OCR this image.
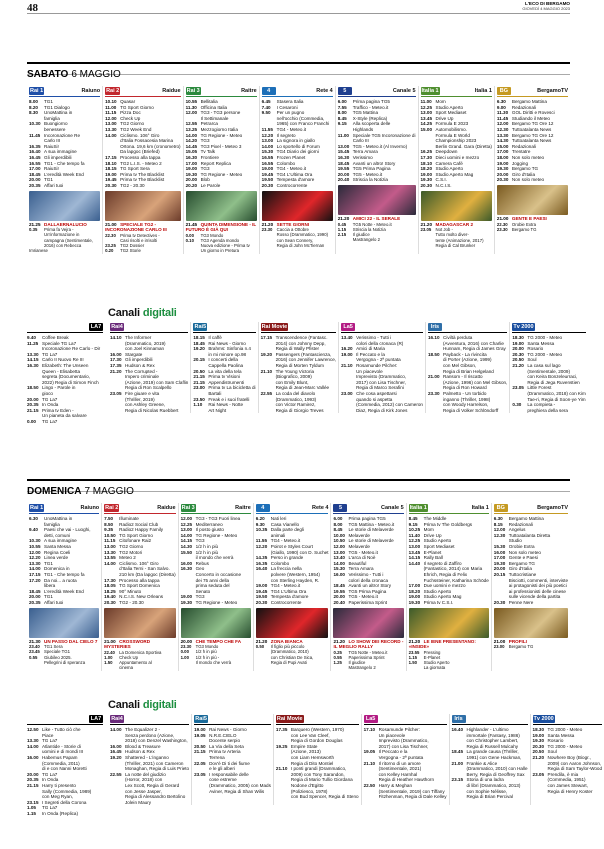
48	L'ECO DI BERGAMO
GIOVEDÌ 4 MAGGIO 2023
SABATO 6 MAGGIO
Rai 1	Raiuno
8.00	TG1
8.20	TG1 Dialogo
8.30	UnoMattina in
famiglia
10.30 Buongiorno
benessere
11.45 Incoronazione Re
Carlo III
16.35 RaiuSi!
16.40 A sua immagine
16.45 Gli imperdibili
16.55 TG1 - Che tempo fa
17.00 RaiuSi!
18.45 L'eredità Week End
20.00 TG1
20.35 Affari tuoi
21.25 DALLAERNALUCIO
0.35 Prima fa Vejra -
Un'informazione in
campagna (Sentimentale,
2016) con Rebecca Imrianese
Rai 2	Raidue
10.10 Quasar
11.00 TG Sport Giorno
11.15 Pizza Doc
12.00 Check Up
13.00 TG2 Giorno
13.30 TG2 Week End
14.00 Ciclismo. 106° Giro
d'Italia Fossacesia Marina
Ortona. 19,6 km (cronometro)
Da lapgoc (Briefed)
17.15 Processo alla tappa
18.10 TG2 L.I.S. - Meteo 2
18.15 TG Sport Sera
19.00 Prima tv The Blacklist
19.45 Prima tv The Blacklist
20.30 TG2 - 20.30
21.00 SPECIALE TG2 - INCORONAZIONE CARLO III
22.30 Prima tv Detectives -
Casi risolti e irrisolti
23.25 TG2 Dossier
0.20 TG2 Storie
Rai 3	Raitre
10.55 Bellitalia
11.30 Officina Italia
12.00 TG3 - TG3 persone
Il Settimanale
12.55 Petrarca
13.25 Mezzogiorno Italia
14.00 TG Regione - Meteo
14.20 TG3
14.45 TG3 Pixel - Meteo 3
15.05 Tv Talk
16.30 Frontiere
17.00 Report Replica
19.00 TG3
19.30 TG Regione - Meteo
20.00 Blob
20.20 Le Parole
21.45 QUINTA DIMENSIONE - IL FUTURO È GIÀ QUI
0.00 TG3 Mondo
0.10 TG3 Agenda mondo
Nuova edizione - Prima tv
Un giorno in Pretura
4	Rete 4
6.45	Stasera Italia
7.40	I Cesaroni
9.50	Per un pugno
nell'occhio (Commedia,
1965) con Franco Franchi
11.55 TG4 - Meteo.it
12.20 Il segreto
13.00 La signora in giallo
14.00 Lo sportello di Forum
15.30 TG4 Diario dei giorni
16.55 Frozen Planet
16.55 Colombo
19.00 TG4 - Meteo.it
19.45 TG4 L'Ultima Ora
19.50 Tempesta d'amore
20.30 Controcorrente
21.20 SETTE GIORNI
23.30 Caccia a Ottobre
Rosso (Drammatico, 1990)
con Sean Connery,
Regia di John McTiernan
5	Canale 5
6.00	Prima pagina TG5
7.55	Traffico - Meteo.it
8.00	TG5 Mattina
8.45	X-Style (Replica)
9.15	Alla scoperta delle
Highlands
11.00 Speciale TG5 Incoronazione di
Carlo III
13.00 TG5 - Meteo.it (Al Inverno)
15.45 Terra Amara
16.30 Verissimo
18.45 Avanti un altro! Story
19.55 TG5 Prima Pagina
20.00 TG5 - Meteo.it
20.40 Striscia la Notizia
21.20 AMICI 22 - IL SERALE
0.45 TG5 Notte - Meteo.it
1.15 Striscia la Notizia
2.15 Il giudice
Mastrangelo 2
Italia 1	Italia 1
11.00 Mom
12.25 Studio Aperto
13.00 Sport Mediaset
13.45 Drive Up
14.25 Formula E 2023
15.00 Automobilismo.
Formula E World
Championship 2023
Berlin Grand. Gara (Diretta)
16.25 Deepdown
17.30 Dieci uomini e mezzo
18.10 Camera Café
18.20 Studio Aperto
19.00 Studio Aperto Mag
19.30 C.S.I.
20.30 N.C.I.S.
21.20 MADAGASCAR 2
23.05 Not Job -
Tutto molto diver-
tente (Animazione, 2017)
Regia di Cal Brunker
BG	BergamoTV
6.30	Bergamo Mattina
9.00	Redazionali
11.30 GOL Diritti e Rovesci
11.45 Studiando il Meteo
12.00 Bergamo TG Ore 12
12.30 Tuttoatalanta News
13.30 Bergamo TG Ore 12
14.30 Tuttoatalanta News
15.00 Redazionali
17.00 Trentatre
18.00 Non solo meteo
19.00 Jogging
19.30 Bergamo TG
20.00 Giro d'Italia
20.30 Non solo meteo
21.00 GENTE E PAESI
22.30 Orobie Extra
23.30 Bergamo TG
LA7
9.40	Coffee Break
11.25 Speciale TG La7
Incoronazione Re Carlo - Dir
13.30 TG La7
14.15 Carlo II Nuovo Re III
16.30 Elizabeth: The Unseen
Queen - Elisabetta
segreta (Documentario,
2022) Regia di Simon Finch
18.50 Lingo - Parole in
gioco
20.00 TG La7
20.35 In Onda
21.15 Prima tv Eden -
Un pianeta da salvare
0.00	TG La7
Canali digitali
Rai4
14.10 The Informer
(Drammatico, 2019)
con Joel Kinnaman
16.00 Stargate
17.30 Gli imperdibili
17.35 Hudson & Rex
21.20 The Corrupted -
Impero criminale
(Azione, 2019) con Sam Claflin
Regia di Ron Scalpello
23.05 Fire giuare e vita
(Thriller, 2019)
con Ashley Greene,
Regia di Nicolas Ruebbert
Rai5
18.15 Il caffè
18.45 Rai News - Giorno
19.20 Brahms: Sinfonia n.4
in mi minore op.98
20.15 I concerti della
Cappella Paolina
20.50 La vita della tela
21.15 Prima tv Visioni
21.15 Appendistrumenti
23.00 Prima tv La bicicletta di
Bartali
23.50 Freak e i suoi fratelli
1.10	Rai News - Notte
Art Night
Rai Movie
17.15 Transcendence (Fantasc.
2014) con Johnny Depp,
Regia di Wally Pfister
19.20 Passengers (Fantascienza,
2016) con Jennifer Lawrence,
Regia di Morten Tyldum
21.10 The Young Victoria
(Biografico, 2009)
con Emily Blunt,
Regia di Jean-Marc Vallée
22.55 La coda del diavolo
(Drammatico, 1993)
con Victor Ramirez,
Regia di Giorgio Treves
La5
13.40 Verissimo - Tutti i
colori della cronaca (R)
16.20 Amici di Maria
19.00 Il Peccato e la
Vergogna - 2ª puntata
21.10 Rosamunde Pilcher:
Un piacevole
Imprevisto (Drammatico,
2017) con Lisa Tischner,
Regia di Marco Serafini
23.00 Che cosa aspettarsi
quando si aspetta
(Commedia, 2012) con Cameron
Diaz, Regia di Kirk Jones
Iris
16.10 Civiltà perduta
(Avventura, 2016) con Charlie
Hunnam, Regia di James Gray
18.50 Payback - La rivincita
di Porter (Azione, 1999)
con Mel Gibson,
Regia di Brian Helgeland
21.00 Ransom - Il riscatto
(Azione, 1996) con Mel Gibson,
Regia di Ron Howard
23.30 Palmetto - Un torbido
inganno (Thriller, 1998)
con Woody Harrelson,
Regia di Volker Schlöndorff
Tv 2000
18.30 TG 2000 - Meteo
19.00 Santa Messa
20.00 Rosario
20.30 TG 2000 - Meteo
20.50 Soul
21.20 La casa sul lago
(Sentimentale, 2009)
con Keira Bonzeleurraci,
Regia di Jega Ruvenstien
23.05 Little Forest
(Drammatico, 2018) con Kim
Tae-ri, Regia di Soon-ye Yim
0.30	La compieta -
preghiera della sera
DOMENICA 7 MAGGIO
Rai 1	Raiuno
6.30	UnoMattina in
famiglia
9.40	Paesi che vai - Luoghi,
detti, comuni
10.30 A sua immagine
10.55 Santa Messa
12.00 Regina Coeli
12.20 Linea verde
13.30 TG1
14.00 Domenica in
17.15 TG1 - Che tempo fa
17.20 Da noi... a ruota
libera
18.45 L'eredità Week End
20.00 TG1
20.35 Affari tuoi
21.30 UN PASSO DAL CIELO 7
23.40 TG1 Sera
23.45 Speciale TG1
0.55 Giubileo 2025.
Pellegrini di speranza
Rai 2	Raidue
7.50	Illuminate
8.50	Radio2 Social Club
9.35	Radio2 Happy Family
10.50 TG Sport Giorno
11.15 Citofonare Rai2
13.00 TG2 Giorno
13.30 TG2 Motori
13.55 Meteo 2
14.00 Ciclismo. 106° Giro
d'Italia Terni - San Salvo.
210 km (Da lapgoc (Diretta)
17.30 Processo alla tappa
18.05 TG Sport Domenica
18.25 90° Minuto
19.40 N.C.I.S. New Orleans
20.30 TG2 - 20.30
21.00 CROSSWORD MYSTERIES
22.40 La Domenica Sportiva
1.00 Check Up
1.50 Appuntamento al
cinema
Rai 3	Raitre
12.00 TG3 - TG3 Fuori linea
12.25 Mediterraneo
13.00 Il posto giusto
14.00 TG Regione - Meteo
14.15 TG3
14.30 1/2 h in più
15.50 1/2 h in più
il mondo che verrà
16.00 Rebus
16.30 Geo
Concerto in occasione
dei 75 anni della
prima seduta del
Senato
19.00 TG3
19.30 TG Regione - Meteo
20.00 CHE TEMPO CHE FA
23.30 TG3 Mondo
0.00 1/2 h in più
1.00 1/2 h in più -
Il mondo che verrà
4	Rete 4
6.20	Nati leri
9.30	Casa Vianello
10.35 Dalla parte degli
animali
11.55 TG4 - Meteo.it
12.20 Poirot e Styles Court
(Giallo, 1990) con D. Suchet
14.35 Perso in grande
16.35 Colombo
16.40 La freccia nella
polvere (Western, 1954)
con Sterling Hayden, R.
19.00 TG4 - Meteo.it
19.45 TG4 L'Ultima Ora
19.50 Tempesta d'amore
20.30 Controcorrente
21.20 ZONA BIANCA
0.50 Il figlio più piccolo
(Drammatico, 2010)
con Christian De Sica,
Regia di Pupi Avati
5	Canale 5
6.00	Prima pagina TG5
8.00	TG5 Mattina - Meteo.it
8.45	Le storie di Melaverde
10.00 Melaverde
10.50 Le storie di Melaverde
12.00 Melaverde
13.00 TG5 - Meteo.it
13.40 L'arca di Noè
14.00 Beautiful
15.30 Terra Amara
16.00 Verissimo - Tutti i
colori della cronaca
18.45 Avanti un altro! Story
19.55 TG5 Prima Pagina
20.00 TG5 - Meteo.it
20.40 Paperissima Sprint
21.20 LO SHOW DEI RECORD - IL MEGLIO RALLY
0.25 TG5 Notte - Meteo.it
0.55 Paperissima Sprint
1.25 Il giudice
Mastrangelo 2
Italia 1	Italia 1
8.45	The Middle
9.15	Prima tv The Goldbergs
10.25 Mom
11.40 Drive Up
12.25 Studio Aperto
13.00 Sport Mediaset
13.45 E-Planet
14.15 Rally Ball
14.40 Il segreto di Zaffiro
(Fantastico, 2014) con Maria
Ehrich, Regia di Felix
Fuchssteiner, Katharina Schöde
17.00 Due uomini e mezzo
18.20 Studio Aperto
19.00 Studio Aperto Mag
19.30 Prima tv C.S.I.
21.20 LE IENE PRESENTANO: «INSIDE»
23.55 Pressing
1.15 E-Planet
1.50 Studio Aperto
La giornata
BG	BergamoTV
6.30	Bergamo Mattina
8.15	Redazionali
12.00 Angelus
12.30 Tuttoatalanta Diretta
Studio
15.30 Orobie Extra
16.00 Non solo meteo
17.00 Gente e Paesi
19.30 Bergamo TG
20.00 Giro d'Italia
20.15 Tuttocristiane
Bisciotti, commenti, interviste
ai protagonisti dei più poetici
ai professionisti delle cinese
sulle vicende della partita
20.30 Penne Nere
21.00 PROFILI
23.00 Bergamo TG
LA7
12.50 Like - Tutto ciò che
Piace
13.30 TG La7
14.00 Atlantide - Storie di
uomini e di mondi III
16.00 Habemus Papam
(Commedia, 2011)
di e con Nanni Moretti
20.00 TG La7
20.35 In Onda
21.15 Harry ti presento
Sally (Commedia, 1989)
con Meg Ryan,
23.15 I Segreti della Corona
1.05	TG La7
1.15	In Onda (Replica)
Canali digitali
Rai4
14.00 The Equalizer 2 -
Senza perdono (Azione,
2018) con Denzel Washington,
16.00 Blood & Treasure
16.45 Hudson & Rex
19.20 Shattered - L'inganno
(Thriller, 2021) con Cameron
Monaghan, Regia di Luis Prieto
22.55 La notte del giudizio
(Horror, 2018) con
Lex Scott, Regia di Gerard
con Jesse Jasper,
Regia di Alessandro Bertolino
Jolein Maury
Rai5
19.00 Rai News - Giorno
19.05 N.R.E.CIELO
Docente serpio
20.50 La Via della Seta
21.15 Prima tv Arteria
Terrena
22.05 Dov'è Di ti dei fiume
e le gli alberi
23.05 I responsabile delle
cose estreme
(Drammatico, 2005) con Mads
Aviner, Regia di Shan Wilis
Rai Movie
17.35 Barquero (Western, 1970)
con Lee Van Cleef,
Regia di Gordon Douglas
19.25 Empire State
(Azione, 2013)
con Liam Hemsworth
Regia di Dito Montiel
21.10 I ponti grandi (Drammatico,
2009) con Tony Sarandon,
Regia di Mario Tullio Giordana
Nodone d'Egitto
(Poliziesco, 1978)
con Bud Spencer, Regia di Steno
La5
17.10 Rosamunde Pilcher:
Un piacevole
Imprevisto (Drammatico,
2017) con Lisa Tischner,
19.05 Il Peccato e la
Vergogna - 2ª puntata
21.10 Il ritorno di un amore
(Sentimentale, 2021)
con Kelley Harnhal
Regia di Heather Hawthorn
22.50 Harry & Meghan
(Sentimentale, 2019) con Tiffany
Fitzhenman, Regia di Dale Kelley
Iris
16.40 Highlander - L'ultimo
immortale (Fantasy, 1986)
con Christopher Lambert,
Regia di Russell Mulcahy
18.45 La grande causa (Thriller,
1991) con Gene Hackman,
21.00 Frankie & Alice
(Drammatico, 2010) con Halle
Berry, Regia di Geoffrey Sax
23.15 Storia di una ladra
di libri (Drammatico, 2013)
con Sophie Nélisse,
Regia di Brian Percival
Tv 2000
18.30 TG 2000 - Meteo
19.00 Santa Messa
19.30 Rosario
20.30 TG 2000 - Meteo
20.50 Soul
21.20 Nowhere Boy (Biogr.,
2009) con Aaron Johnson,
Regia di Sam Taylor-Wood
23.05 Prendila, è mia
(Commedia, 1951)
con James Stewart,
Regia di Henry Koster
